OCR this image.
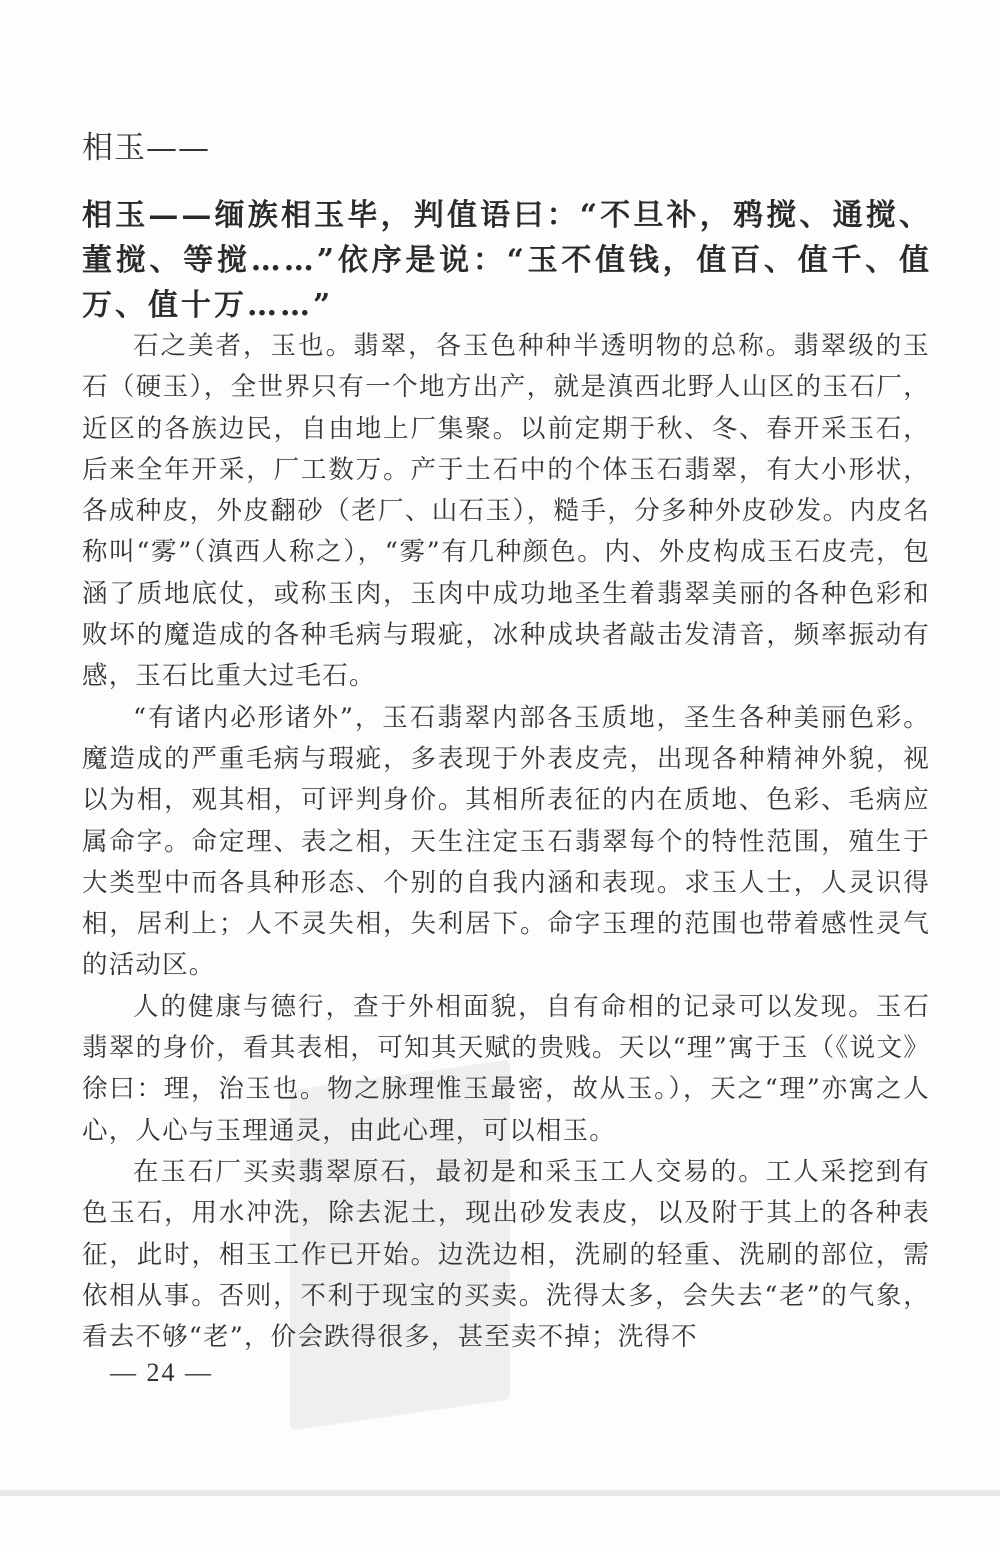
相玉——
相玉——缅族相玉毕，判值语曰：“不旦补，鸦搅、通搅、董搅、等搅……”依序是说：“玉不值钱，值百、值千、值万、值十万……”

石之美者，玉也。翡翠，各玉色种种半透明物的总称。翡翠级的玉石（硬玉），全世界只有一个地方出产，就是滇西北野人山区的玉石厂，近区的各族边民，自由地上厂集聚。以前定期于秋、冬、春开采玉石，后来全年开采，厂工数万。产于土石中的个体玉石翡翠，有大小形状，各成种皮，外皮翻砂（老厂、山石玉），糙手，分多种外皮砂发。内皮名称叫“雾”（滇西人称之），“雾”有几种颜色。内、外皮构成玉石皮壳，包涵了质地底仗，或称玉肉，玉肉中成功地圣生着翡翠美丽的各种色彩和败坏的魔造成的各种毛病与瑕疵，冰种成块者敲击发清音，频率振动有感，玉石比重大过毛石。

“有诸内必形诸外”，玉石翡翠内部各玉质地，圣生各种美丽色彩。魔造成的严重毛病与瑕疵，多表现于外表皮壳，出现各种精神外貌，视以为相，观其相，可评判身价。其相所表征的内在质地、色彩、毛病应属命字。命定理、表之相，天生注定玉石翡翠每个的特性范围，殖生于大类型中而各具种形态、个别的自我内涵和表现。求玉人士，人灵识得相，居利上；人不灵失相，失利居下。命字玉理的范围也带着感性灵气的活动区。

人的健康与德行，查于外相面貌，自有命相的记录可以发现。玉石翡翠的身价，看其表相，可知其天赋的贵贱。天以“理”寓于玉（《说文》徐曰：理，治玉也。物之脉理惟玉最密，故从玉。），天之“理”亦寓之人心，人心与玉理通灵，由此心理，可以相玉。

在玉石厂买卖翡翠原石，最初是和采玉工人交易的。工人采挖到有色玉石，用水冲洗，除去泥土，现出砂发表皮，以及附于其上的各种表征，此时，相玉工作已开始。边洗边相，洗刷的轻重、洗刷的部位，需依相从事。否则，不利于现宝的买卖。洗得太多，会失去“老”的气象，看去不够“老”，价会跌得很多，甚至卖不掉；洗得不

— 24 —
